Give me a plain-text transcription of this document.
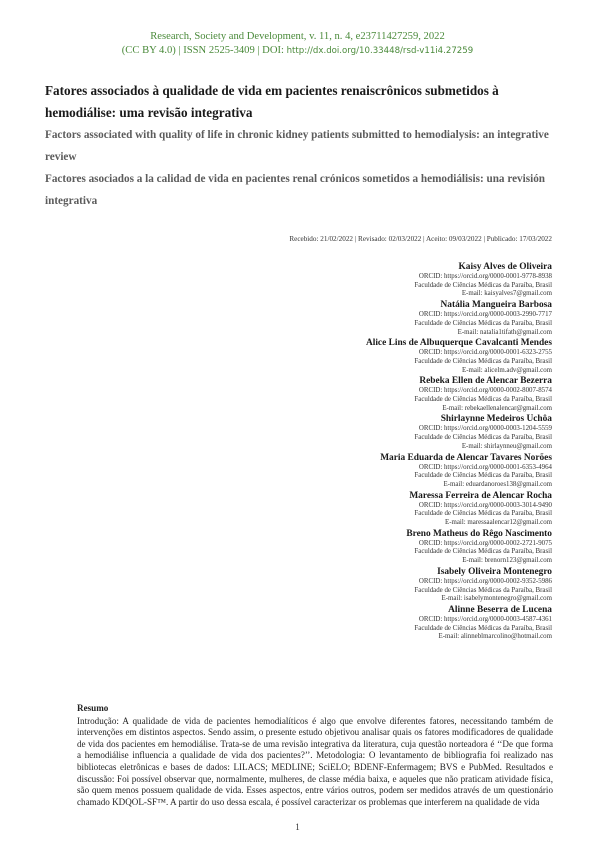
Research, Society and Development, v. 11, n. 4, e23711427259, 2022
(CC BY 4.0) | ISSN 2525-3409 | DOI: http://dx.doi.org/10.33448/rsd-v11i4.27259
Fatores associados à qualidade de vida em pacientes renaiscrônicos submetidos à hemodiálise: uma revisão integrativa
Factors associated with quality of life in chronic kidney patients submitted to hemodialysis: an integrative review
Factores asociados a la calidad de vida en pacientes renal crónicos sometidos a hemodiálisis: una revisión integrativa
Recebido: 21/02/2022 | Revisado: 02/03/2022 | Aceito: 09/03/2022 | Publicado: 17/03/2022
Kaisy Alves de Oliveira
ORCID: https://orcid.org/0000-0001-9778-8938
Faculdade de Ciências Médicas da Paraíba, Brasil
E-mail: kaisyalves7@gmail.com
Natália Mangueira Barbosa
ORCID: https://orcid.org/0000-0003-2990-7717
Faculdade de Ciências Médicas da Paraíba, Brasil
E-mail: natalia1tifath@gmail.com
Alice Lins de Albuquerque Cavalcanti Mendes
ORCID: https://orcid.org/0000-0001-6323-2755
Faculdade de Ciências Médicas da Paraíba, Brasil
E-mail: alicelm.adv@gmail.com
Rebeka Ellen de Alencar Bezerra
ORCID: https://orcid.org/0000-0002-8007-8574
Faculdade de Ciências Médicas da Paraíba, Brasil
E-mail: rebekaellenalencar@gmail.com
Shirlaynne Medeiros Uchôa
ORCID: https://orcid.org/0000-0003-1204-5559
Faculdade de Ciências Médicas da Paraíba, Brasil
E-mail: shirlaynneu@gmail.com
Maria Eduarda de Alencar Tavares Norões
ORCID: https://orcid.org/0000-0001-6353-4964
Faculdade de Ciências Médicas da Paraíba, Brasil
E-mail: eduardanoroes138@gmail.com
Maressa Ferreira de Alencar Rocha
ORCID: https://orcid.org/0000-0003-3014-9490
Faculdade de Ciências Médicas da Paraíba, Brasil
E-mail: maressaalencar12@gmail.com
Breno Matheus do Rêgo Nascimento
ORCID: https://orcid.org/0000-0002-2721-9075
Faculdade de Ciências Médicas da Paraíba, Brasil
E-mail: brenorn123@gmail.com
Isabely Oliveira Montenegro
ORCID: https://orcid.org/0000-0002-9352-5986
Faculdade de Ciências Médicas da Paraíba, Brasil
E-mail: isabelymontenegro@gmail.com
Alinne Beserra de Lucena
ORCID: https://orcid.org/0000-0003-4587-4361
Faculdade de Ciências Médicas da Paraíba, Brasil
E-mail: alinneblmarcolino@hotmail.com
Resumo
Introdução: A qualidade de vida de pacientes hemodialíticos é algo que envolve diferentes fatores, necessitando também de intervenções em distintos aspectos. Sendo assim, o presente estudo objetivou analisar quais os fatores modificadores de qualidade de vida dos pacientes em hemodiálise. Trata-se de uma revisão integrativa da literatura, cuja questão norteadora é ‘‘De que forma a hemodiálise influencia a qualidade de vida dos pacientes?’’. Metodologia: O levantamento de bibliografia foi realizado nas bibliotecas eletrônicas e bases de dados: LILACS; MEDLINE; SciELO; BDENF-Enfermagem; BVS e PubMed. Resultados e discussão: Foi possível observar que, normalmente, mulheres, de classe média baixa, e aqueles que não praticam atividade física, são quem menos possuem qualidade de vida. Esses aspectos, entre vários outros, podem ser medidos através de um questionário chamado KDQOL-SF™. A partir do uso dessa escala, é possível caracterizar os problemas que interferem na qualidade de vida
1
